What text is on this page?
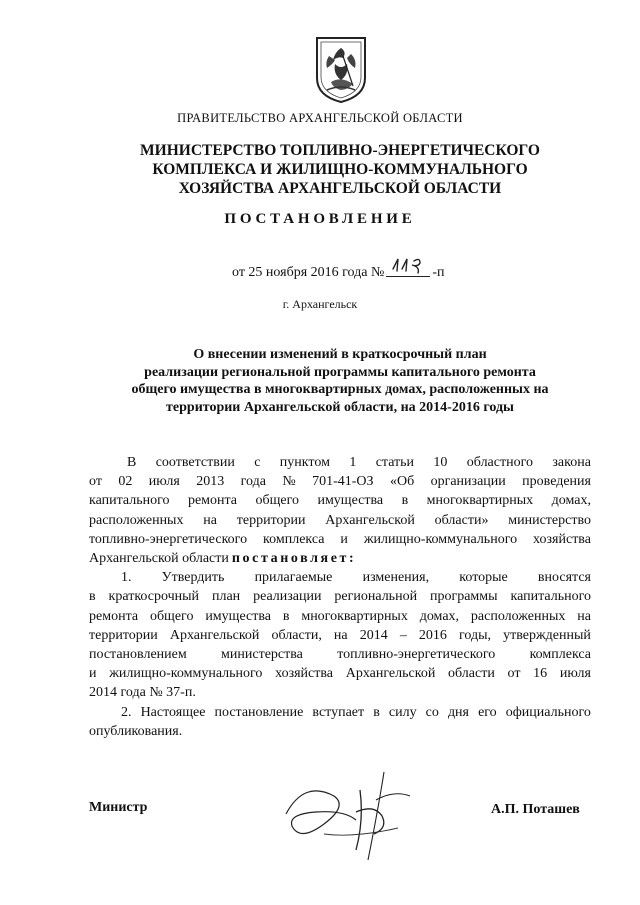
ПРАВИТЕЛЬСТВО АРХАНГЕЛЬСКОЙ ОБЛАСТИ
МИНИСТЕРСТВО ТОПЛИВНО-ЭНЕРГЕТИЧЕСКОГО
КОМПЛЕКСА И ЖИЛИЩНО-КОММУНАЛЬНОГО
ХОЗЯЙСТВА АРХАНГЕЛЬСКОЙ ОБЛАСТИ
ПОСТАНОВЛЕНИЕ
от 25 ноября 2016 года №	-п
г. Архангельск
О внесении изменений в краткосрочный план
реализации региональной программы капитального ремонта
общего имущества в многоквартирных домах, расположенных на
территории Архангельской области, на 2014-2016 годы
В соответствии с пунктом 1 статьи 10 областного закона
от 02 июля 2013 года № 701-41-ОЗ «Об организации проведения
капитального ремонта общего имущества в многоквартирных домах,
расположенных на территории Архангельской области» министерство
топливно-энергетического комплекса и жилищно-коммунального хозяйства
Архангельской области постановляет:
1. Утвердить прилагаемые изменения, которые вносятся
в краткосрочный план реализации региональной программы капитального
ремонта общего имущества в многоквартирных домах, расположенных на
территории Архангельской области, на 2014 – 2016 годы, утвержденный
постановлением министерства топливно-энергетического комплекса
и жилищно-коммунального хозяйства Архангельской области от 16 июля
2014 года № 37-п.
2. Настоящее постановление вступает в силу со дня его официального
опубликования.
Министр	А.П. Поташев
